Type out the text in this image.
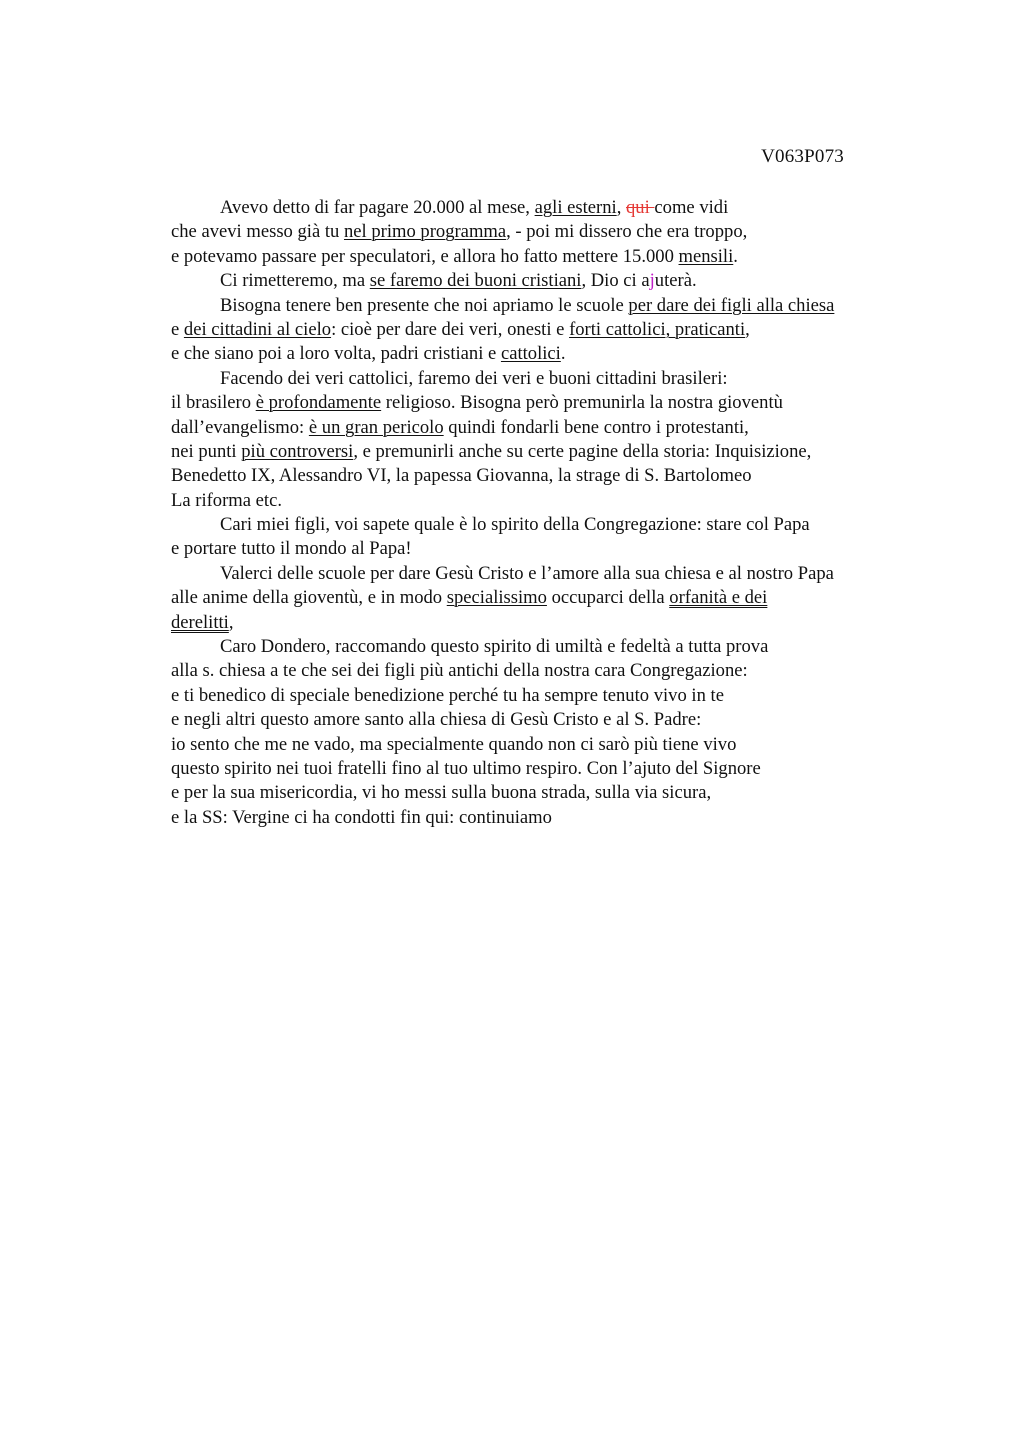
V063P073
Avevo detto di far pagare 20.000 al mese, agli esterni, qui come vidi
che avevi messo già tu nel primo programma, - poi mi dissero che era troppo,
e potevamo passare per speculatori, e allora ho fatto mettere 15.000 mensili.
Ci rimetteremo, ma se faremo dei buoni cristiani, Dio ci ajuterà.
Bisogna tenere ben presente che noi apriamo le scuole per dare dei figli alla chiesa
e dei cittadini al cielo: cioè per dare dei veri, onesti e forti cattolici, praticanti,
e che siano poi a loro volta, padri cristiani e cattolici.
Facendo dei veri cattolici, faremo dei veri e buoni cittadini brasileri:
il brasilero è profondamente religioso. Bisogna però premunirla la nostra gioventù
dall’evangelismo: è un gran pericolo quindi fondarli bene contro i protestanti,
nei punti più controversi, e premunirli anche su certe pagine della storia: Inquisizione,
Benedetto IX, Alessandro VI, la papessa Giovanna, la strage di S. Bartolomeo
La riforma etc.
Cari miei figli, voi sapete quale è lo spirito della Congregazione: stare col Papa
e portare tutto il mondo al Papa!
Valerci delle scuole per dare Gesù Cristo e l’amore alla sua chiesa e al nostro Papa
alle anime della gioventù, e in modo specialissimo occuparci della orfanità e dei
derelitti,
Caro Dondero, raccomando questo spirito di umiltà e fedeltà a tutta prova
alla s. chiesa a te che sei dei figli più antichi della nostra cara Congregazione:
e ti benedico di speciale benedizione perché tu ha sempre tenuto vivo in te
e negli altri questo amore santo alla chiesa di Gesù Cristo e al S. Padre:
io sento che me ne vado, ma specialmente quando non ci sarò più tiene vivo
questo spirito nei tuoi fratelli fino al tuo ultimo respiro. Con l’ajuto del Signore
e per la sua misericordia, vi ho messi sulla buona strada, sulla via sicura,
e la SS: Vergine ci ha condotti fin qui: continuiamo
